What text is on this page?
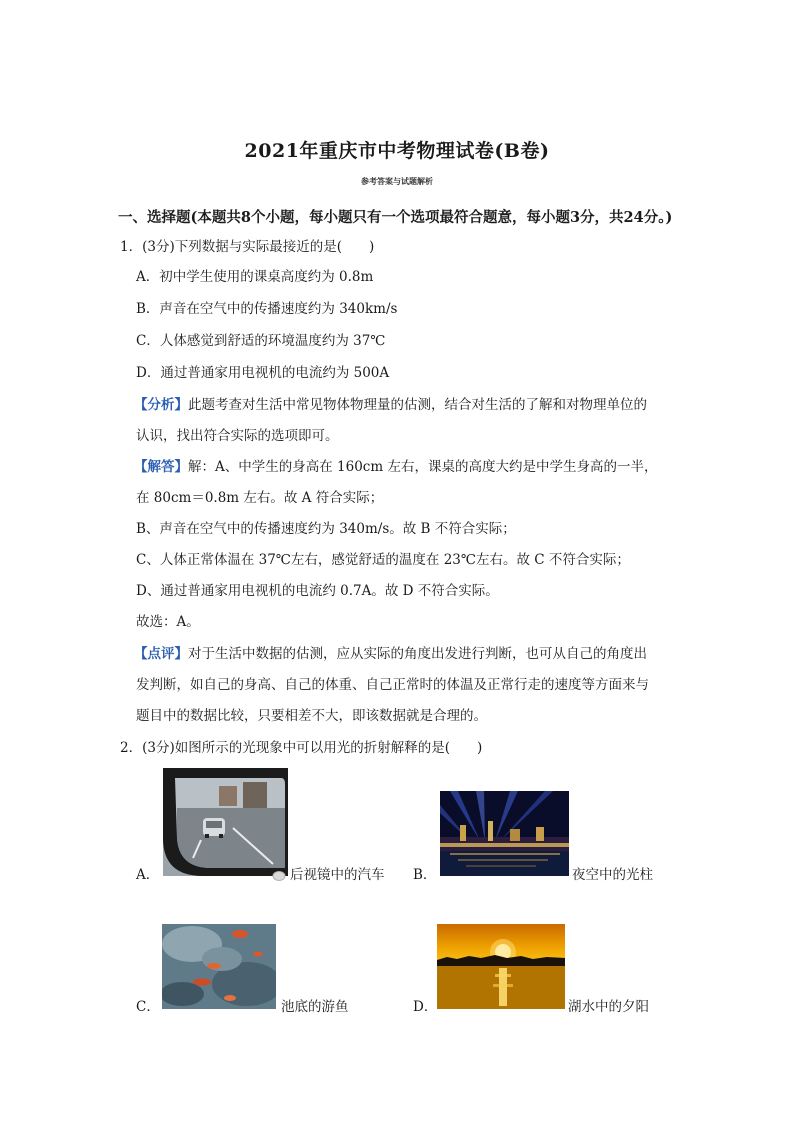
2021年重庆市中考物理试卷(B卷)
参考答案与试题解析
一、选择题(本题共8个小题，每小题只有一个选项最符合题意，每小题3分，共24分。)
1．(3分)下列数据与实际最接近的是(　　)
A．初中学生使用的课桌高度约为 0.8m
B．声音在空气中的传播速度约为 340km/s
C．人体感觉到舒适的环境温度约为 37℃
D．通过普通家用电视机的电流约为 500A
【分析】此题考查对生活中常见物体物理量的估测，结合对生活的了解和对物理单位的
认识，找出符合实际的选项即可。
【解答】解：A、中学生的身高在 160cm 左右，课桌的高度大约是中学生身高的一半，
在 80cm＝0.8m 左右。故 A 符合实际；
B、声音在空气中的传播速度约为 340m/s。故 B 不符合实际；
C、人体正常体温在 37℃左右，感觉舒适的温度在 23℃左右。故 C 不符合实际；
D、通过普通家用电视机的电流约 0.7A。故 D 不符合实际。
故选：A。
【点评】对于生活中数据的估测，应从实际的角度出发进行判断，也可从自己的角度出
发判断，如自己的身高、自己的体重、自己正常时的体温及正常行走的速度等方面来与
题目中的数据比较，只要相差不大，即该数据就是合理的。
2．(3分)如图所示的光现象中可以用光的折射解释的是(　　)
A．	后视镜中的汽车 B．	夜空中的光柱
C．	池底的游鱼	D．	湖水中的夕阳
